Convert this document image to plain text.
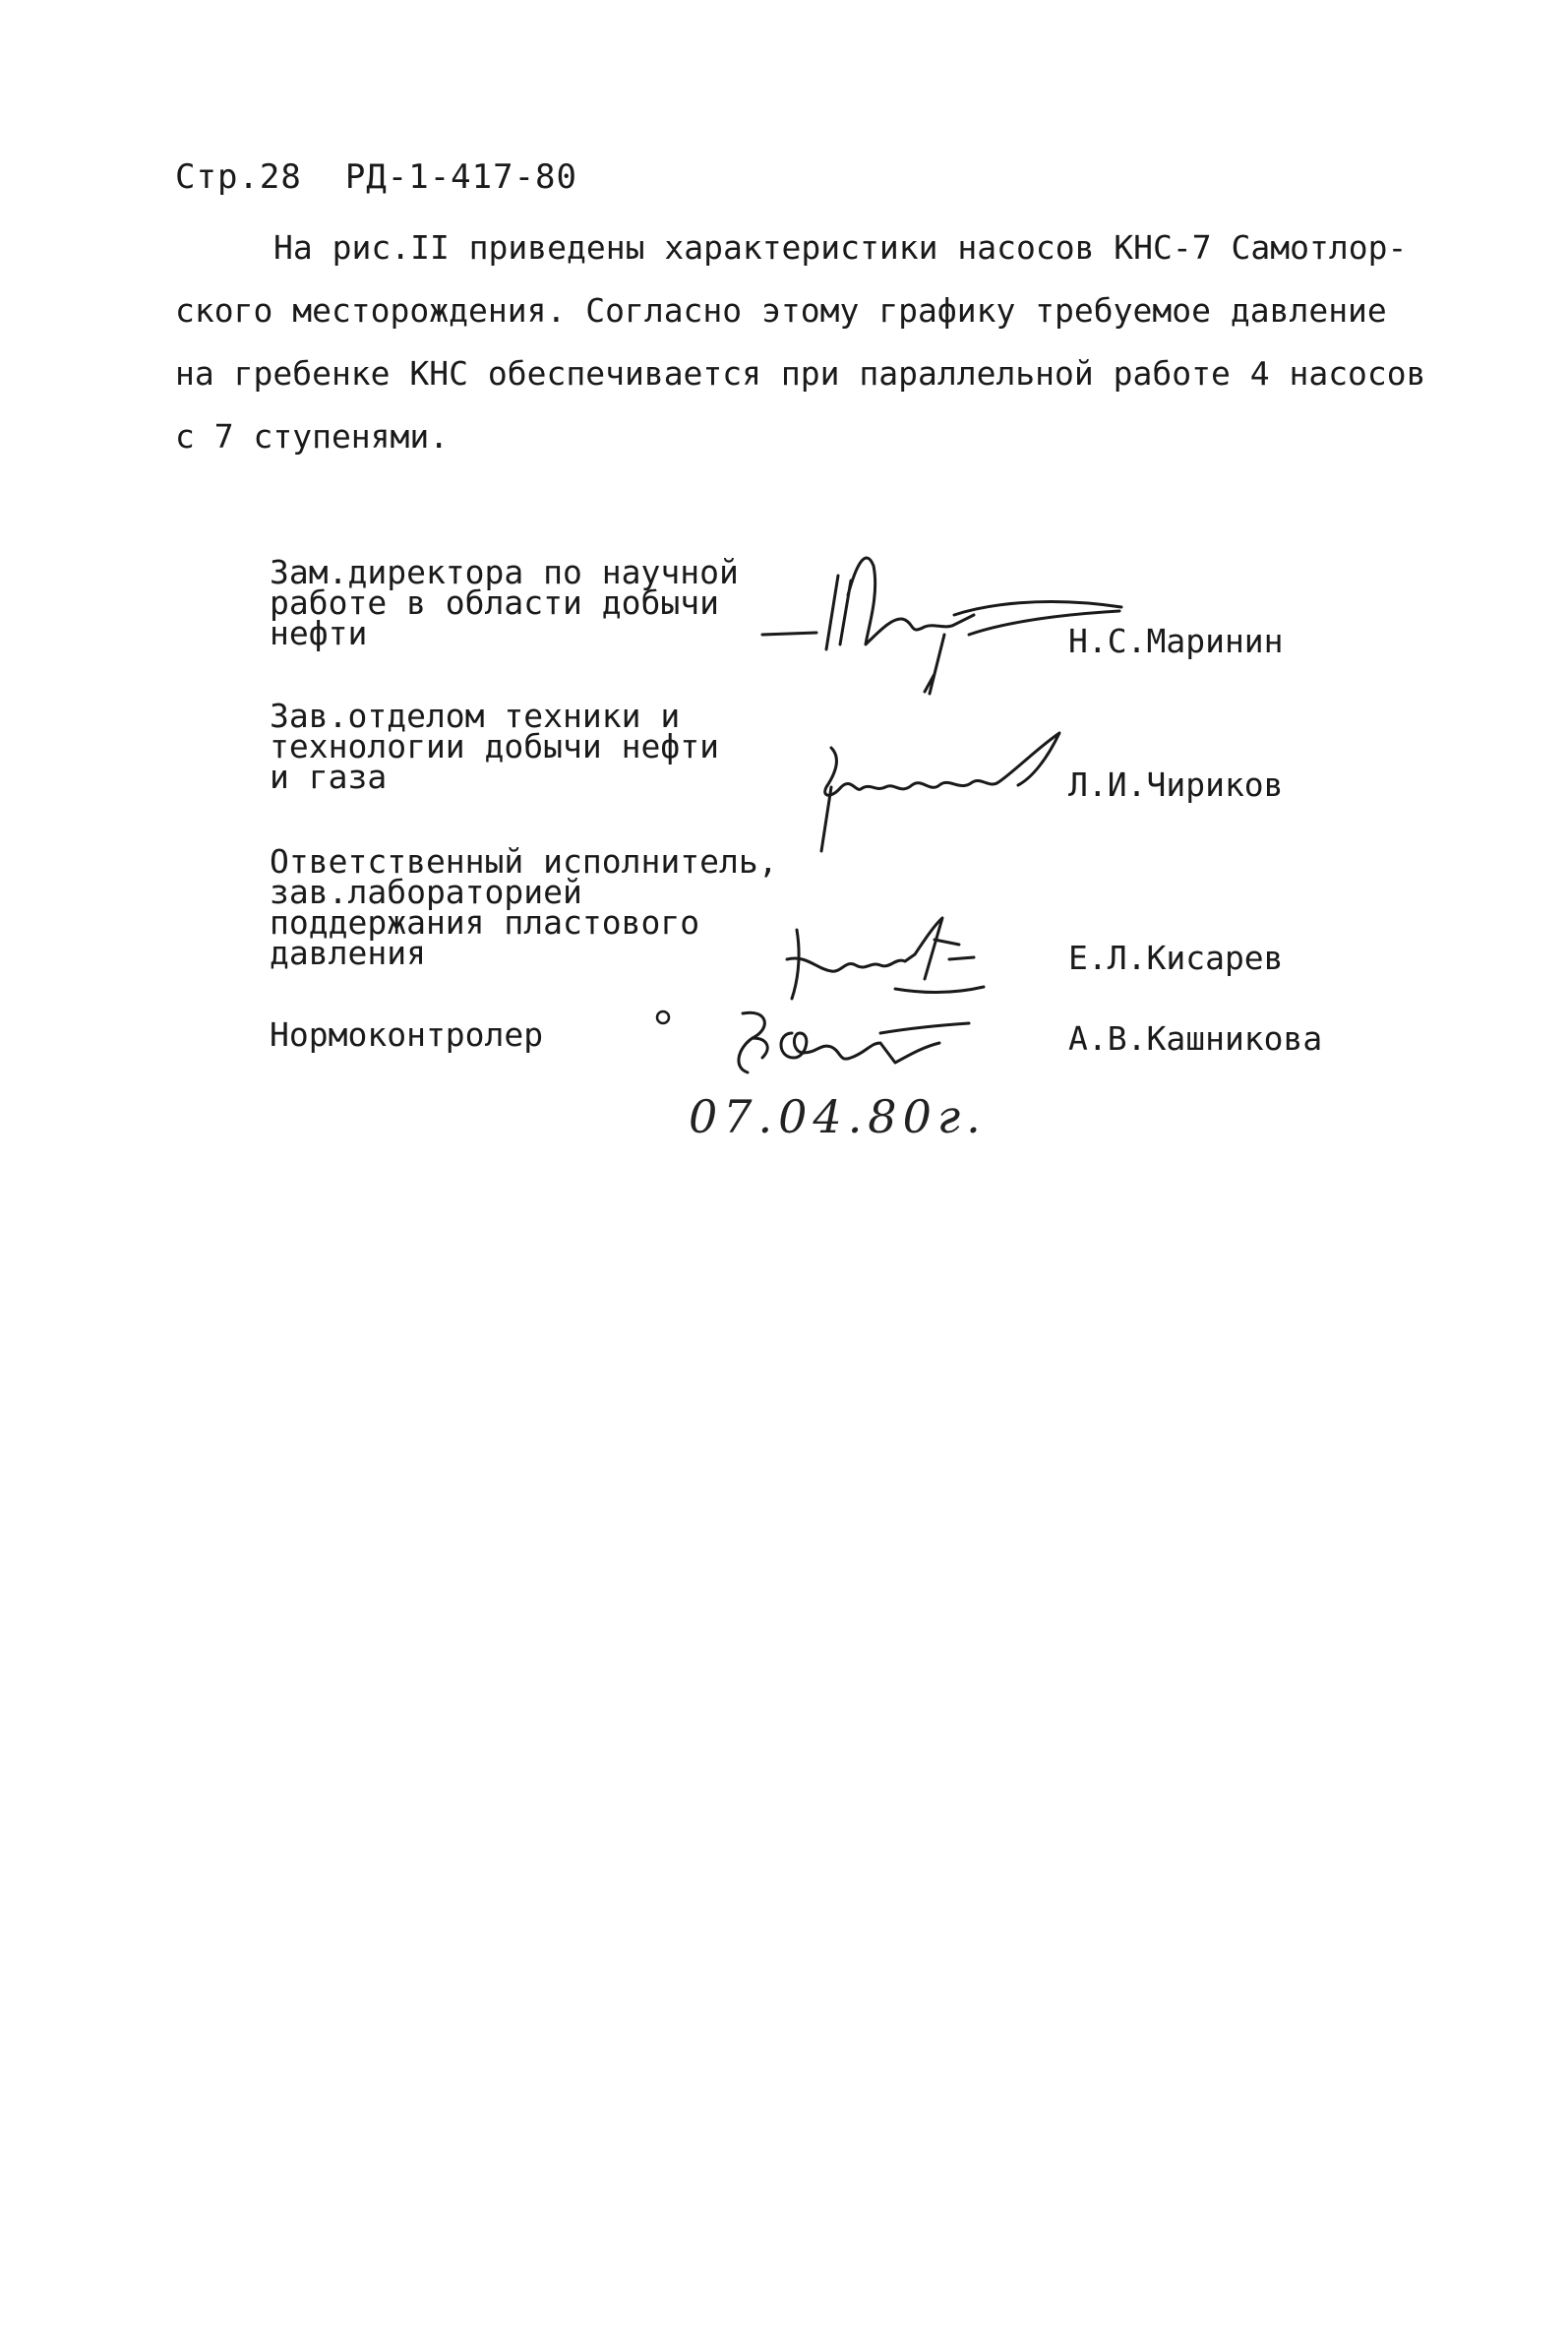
Стр.28 РД-1-417-80
На рис.II приведены характеристики насосов КНС-7 Самотлор-
ского месторождения. Согласно этому графику требуемое давление
на гребенке КНС обеспечивается при параллельной работе 4 насосов
с 7 ступенями.
Зам.директора по научной
работе в области добычи
нефти	Н.С.Маринин
Зав.отделом техники и
технологии добычи нефти
и газа	Л.И.Чириков
Ответственный исполнитель,
зав.лабораторией
поддержания пластового
давления	Е.Л.Кисарев
Нормоконтролер	А.В.Кашникова
07.04.80г.
